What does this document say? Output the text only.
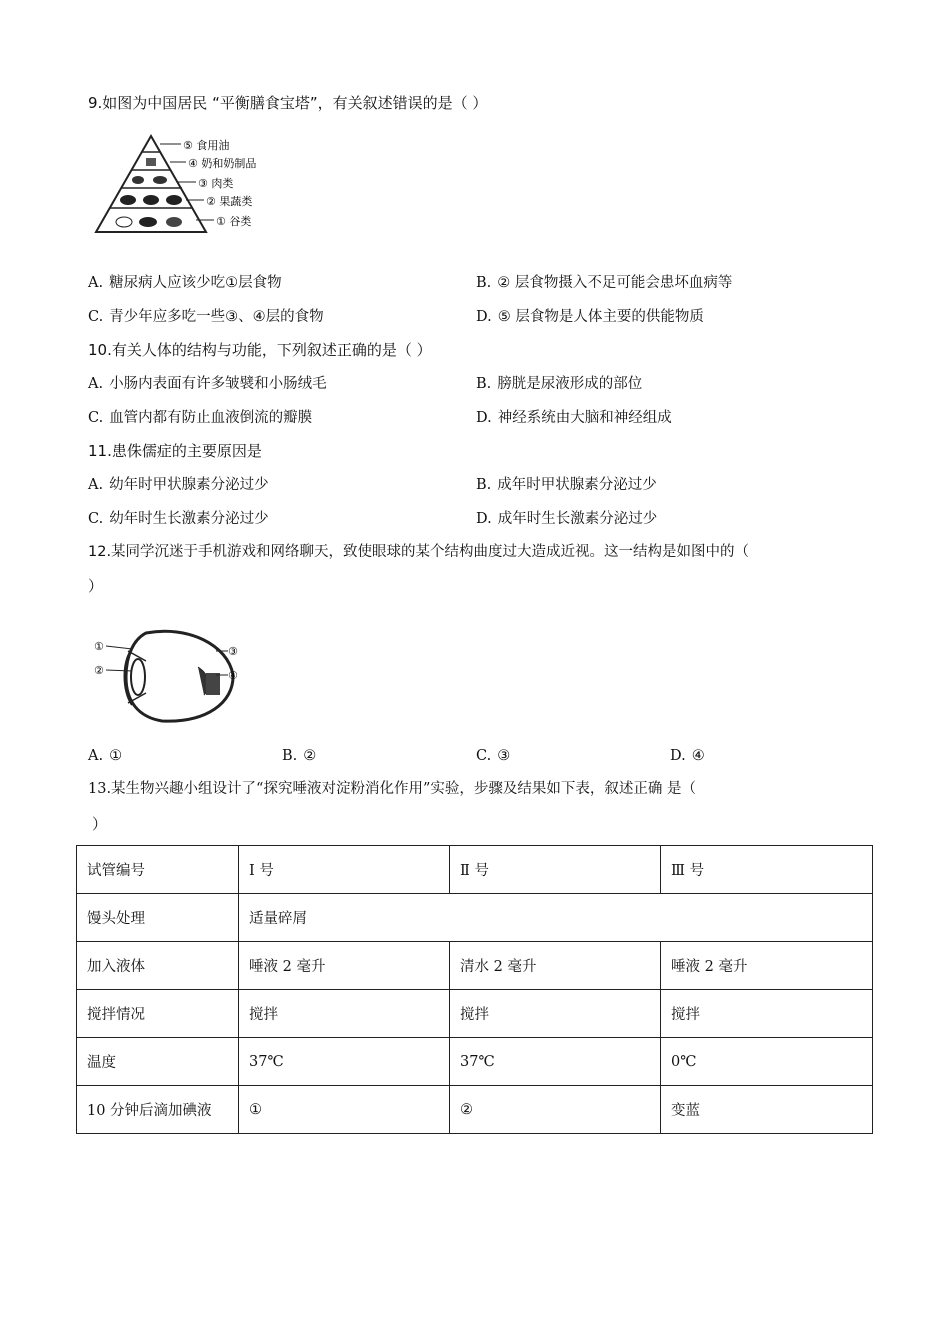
9.如图为中国居民 “平衡膳食宝塔”，有关叙述错误的是（ ）
⑤ 食用油
④ 奶和奶制品
③ 肉类
② 果蔬类
① 谷类
A. 糖尿病人应该少吃①层食物	B. ② 层食物摄入不足可能会患坏血病等
C. 青少年应多吃一些③、④层的食物	D. ⑤ 层食物是人体主要的供能物质
10.有关人体的结构与功能，下列叙述正确的是（ ）
A. 小肠内表面有许多皱襞和小肠绒毛	B. 膀胱是尿液形成的部位
C. 血管内都有防止血液倒流的瓣膜	D. 神经系统由大脑和神经组成
11.患侏儒症的主要原因是
A. 幼年时甲状腺素分泌过少	B. 成年时甲状腺素分泌过少
C. 幼年时生长激素分泌过少	D. 成年时生长激素分泌过少
12.某同学沉迷于手机游戏和网络聊天，致使眼球的某个结构曲度过大造成近视。这一结构是如图中的（
）
①
②
③
④
A. ①	B. ②	C. ③	D. ④
13.某生物兴趣小组设计了“探究唾液对淀粉消化作用”实验，步骤及结果如下表，叙述正确 是（
）
试管编号	Ⅰ 号	Ⅱ 号	Ⅲ 号
馒头处理	适量碎屑		
加入液体	唾液 2 毫升	清水 2 毫升	唾液 2 毫升
搅拌情况	搅拌	搅拌	搅拌
温度	37℃	37℃	0℃
10 分钟后滴加碘液	①	②	变蓝
